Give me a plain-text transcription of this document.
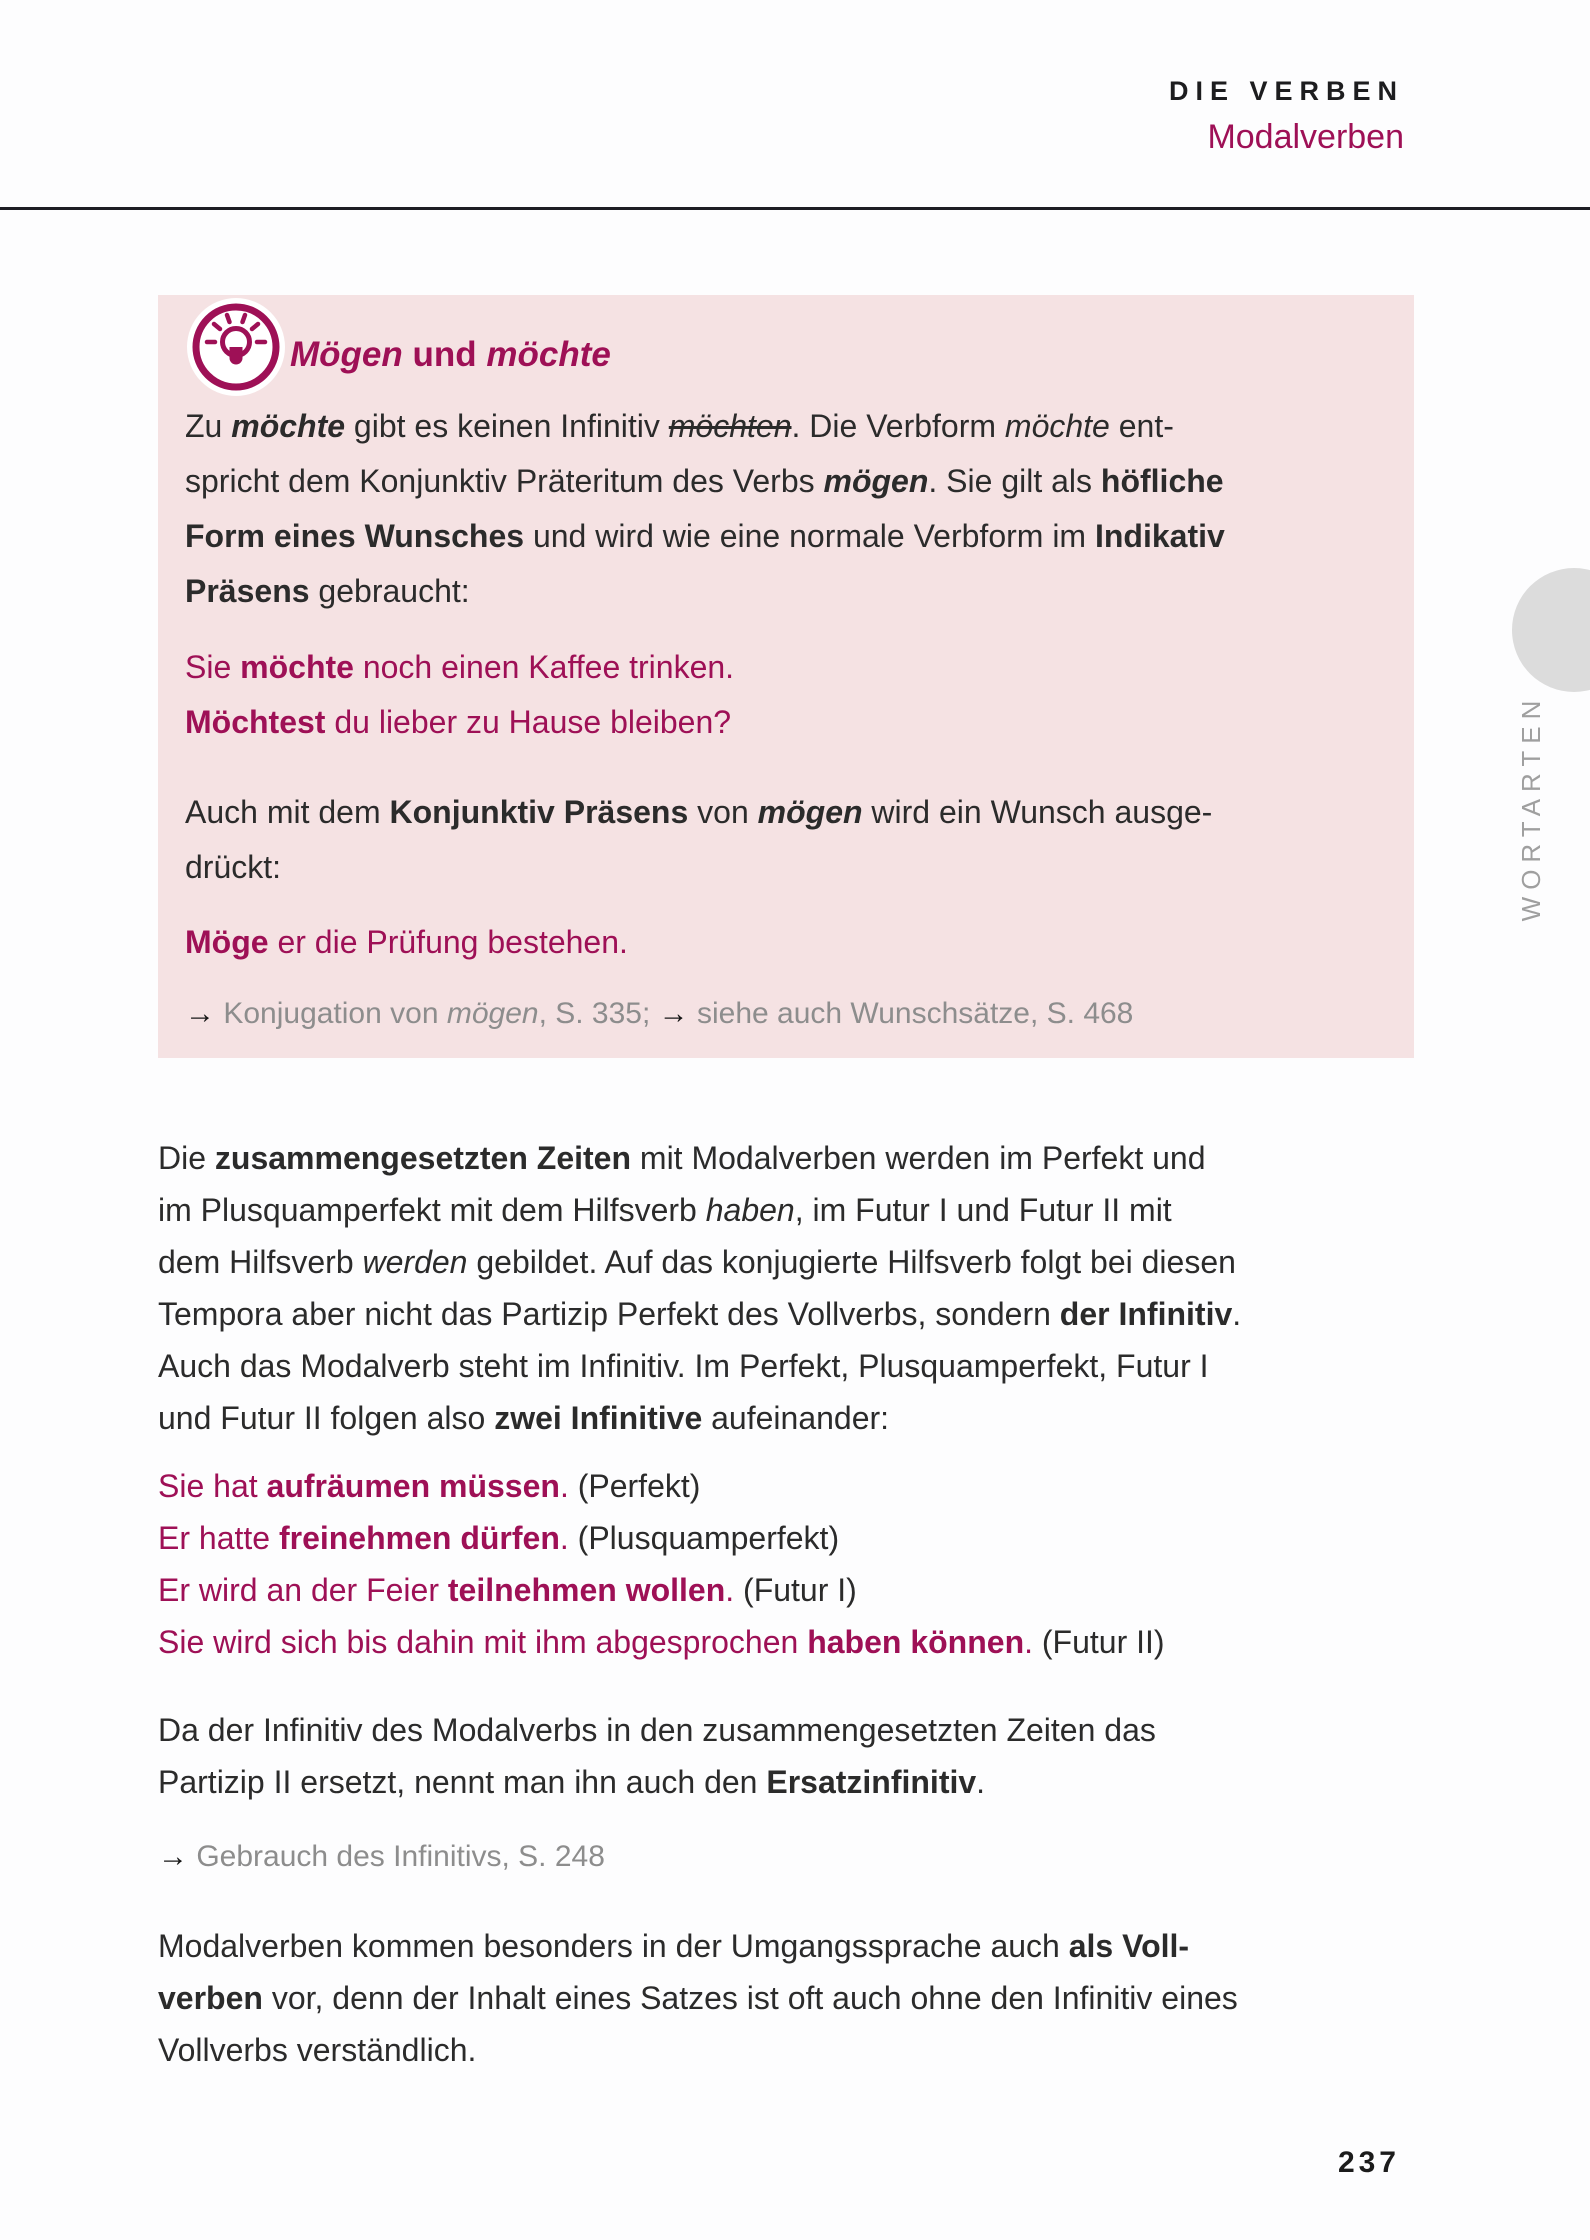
DIE VERBEN
Modalverben
Mögen und möchte
Zu möchte gibt es keinen Infinitiv möchten. Die Verbform möchte ent-
spricht dem Konjunktiv Präteritum des Verbs mögen. Sie gilt als höfliche
Form eines Wunsches und wird wie eine normale Verbform im Indikativ
Präsens gebraucht:
Sie möchte noch einen Kaffee trinken.
Möchtest du lieber zu Hause bleiben?
Auch mit dem Konjunktiv Präsens von mögen wird ein Wunsch ausge-
drückt:
Möge er die Prüfung bestehen.
→ Konjugation von mögen, S. 335; → siehe auch Wunschsätze, S. 468
Die zusammengesetzten Zeiten mit Modalverben werden im Perfekt und
im Plusquamperfekt mit dem Hilfsverb haben, im Futur I und Futur II mit
dem Hilfsverb werden gebildet. Auf das konjugierte Hilfsverb folgt bei diesen
Tempora aber nicht das Partizip Perfekt des Vollverbs, sondern der Infinitiv.
Auch das Modalverb steht im Infinitiv. Im Perfekt, Plusquamperfekt, Futur I
und Futur II folgen also zwei Infinitive aufeinander:
Sie hat aufräumen müssen. (Perfekt)
Er hatte freinehmen dürfen. (Plusquamperfekt)
Er wird an der Feier teilnehmen wollen. (Futur I)
Sie wird sich bis dahin mit ihm abgesprochen haben können. (Futur II)
Da der Infinitiv des Modalverbs in den zusammengesetzten Zeiten das
Partizip II ersetzt, nennt man ihn auch den Ersatzinfinitiv.
→ Gebrauch des Infinitivs, S. 248
Modalverben kommen besonders in der Umgangssprache auch als Voll-
verben vor, denn der Inhalt eines Satzes ist oft auch ohne den Infinitiv eines
Vollverbs verständlich.
WORTARTEN
237
